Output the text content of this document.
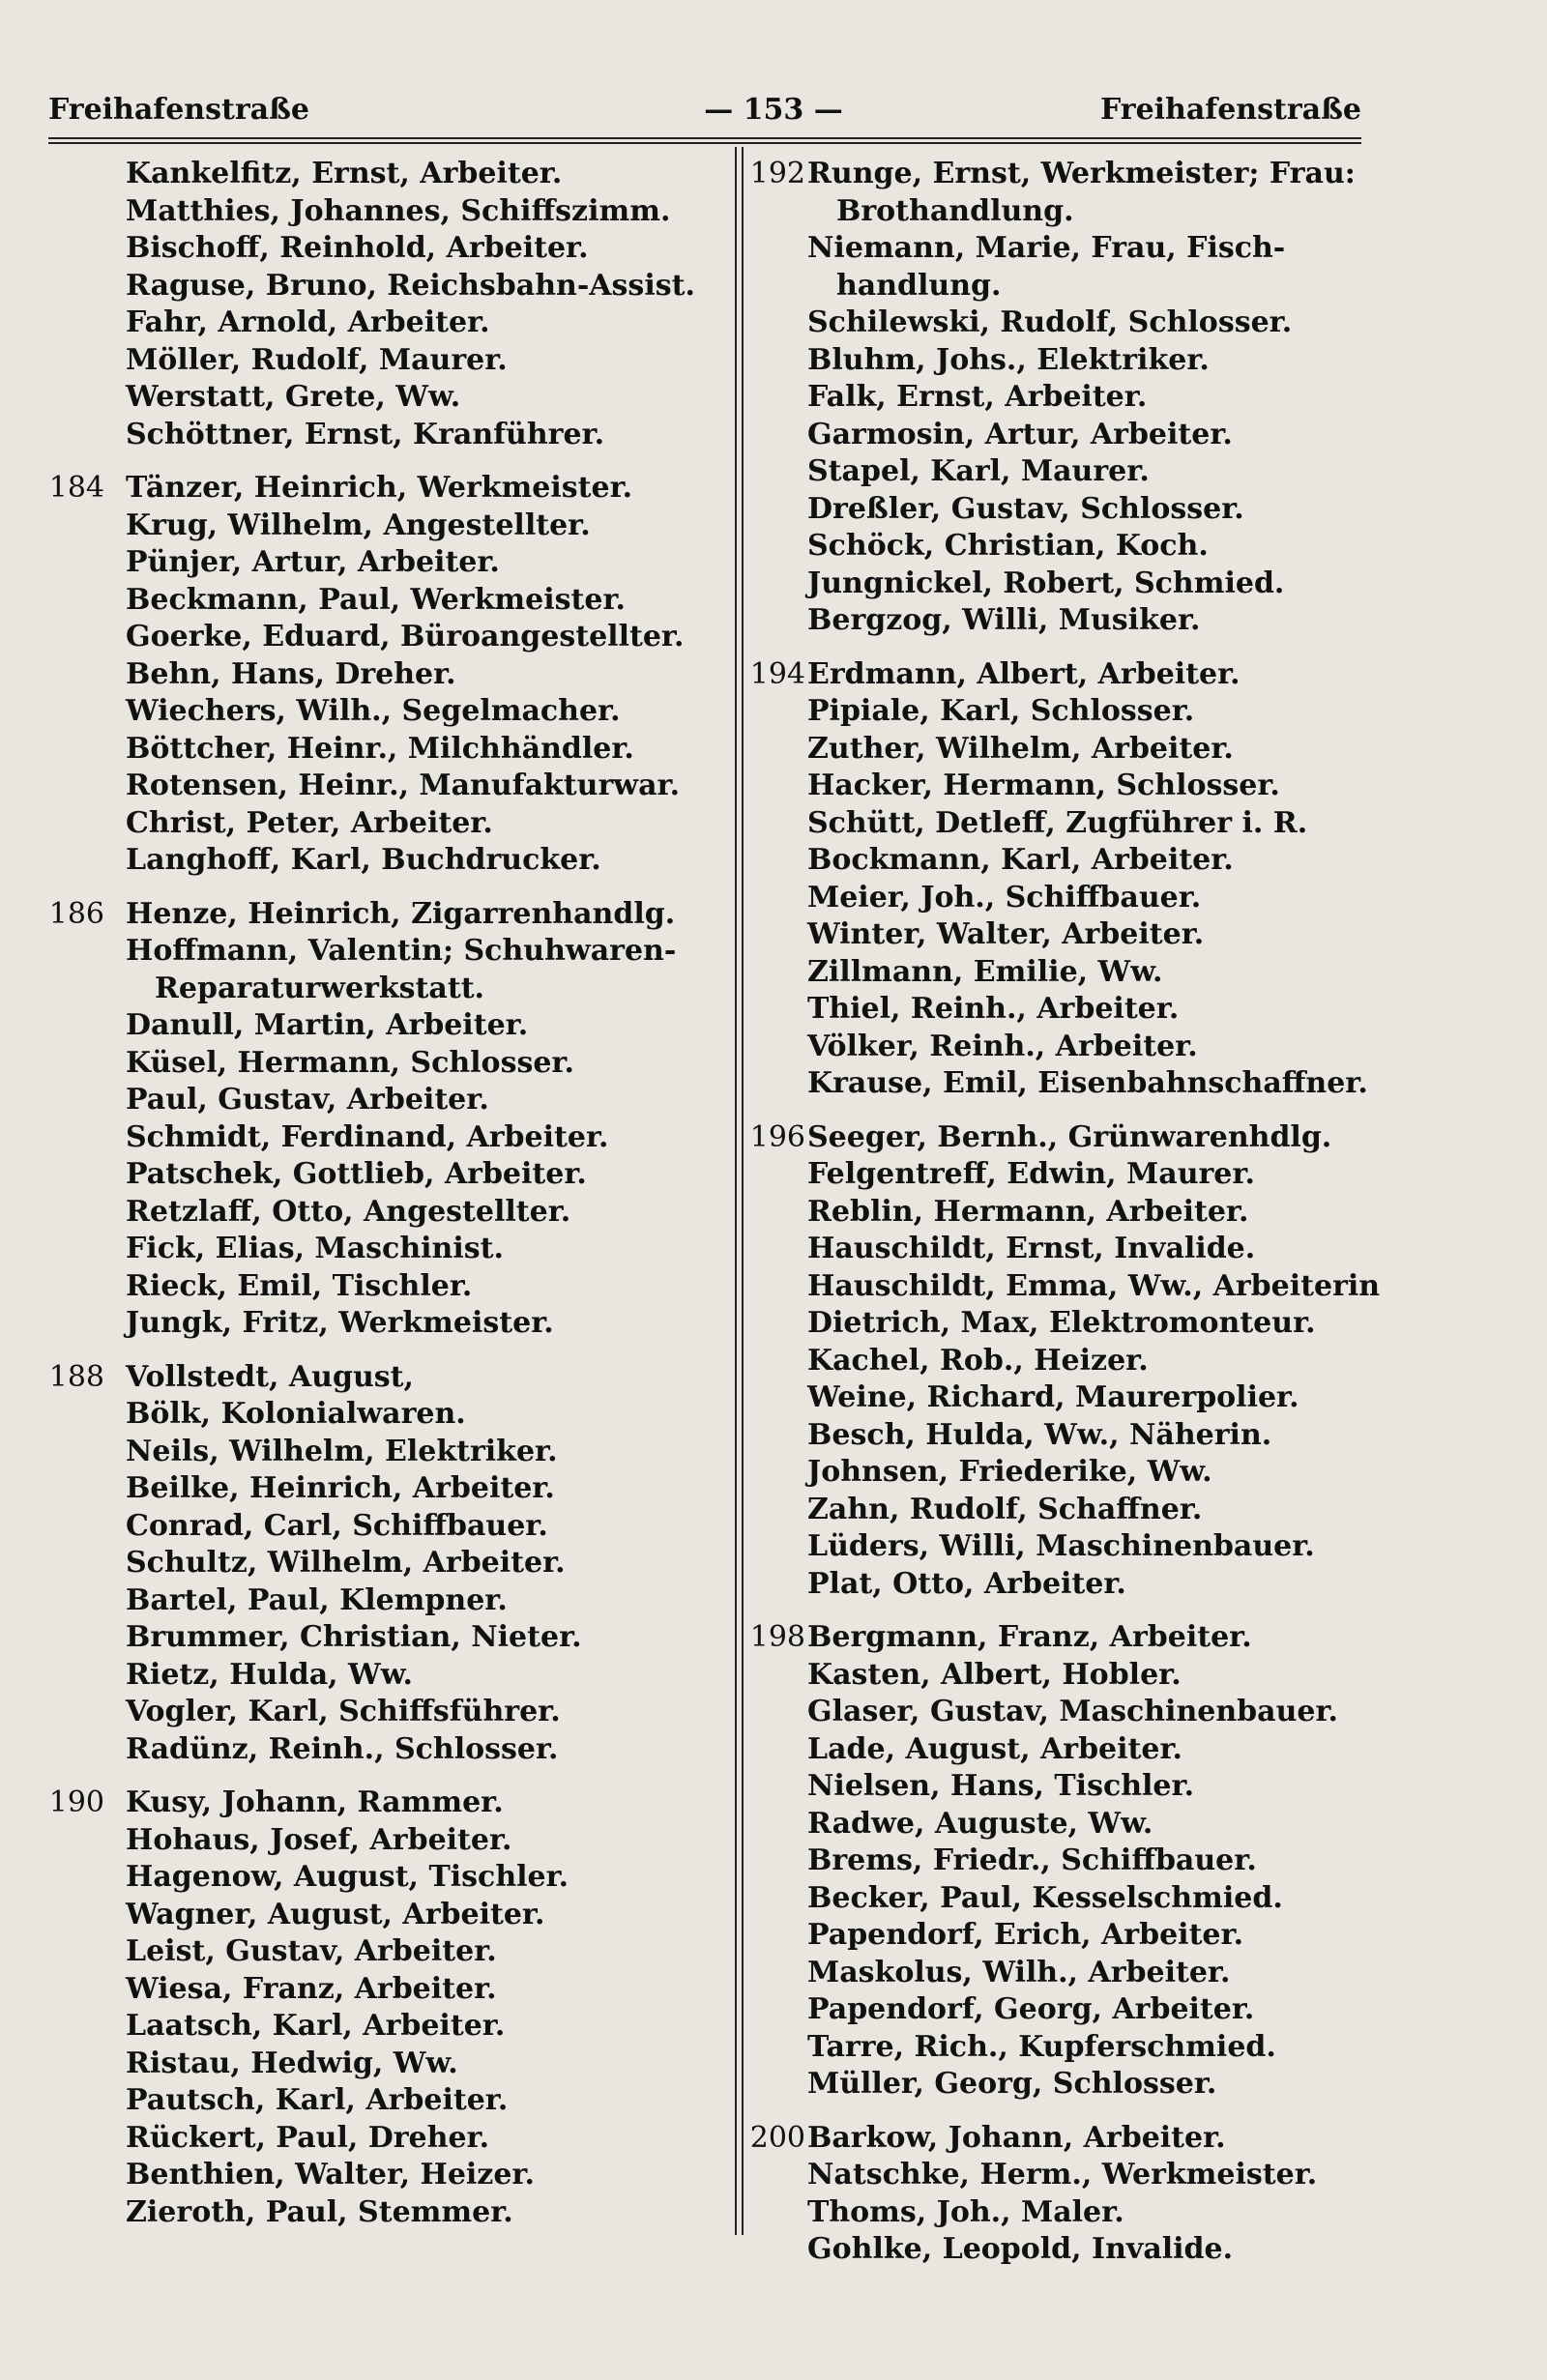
Freihafenstraße	— 153 —	Freihafenstraße
Kankelfitz, Ernst, Arbeiter.
Matthies, Johannes, Schiffszimm.
Bischoff, Reinhold, Arbeiter.
Raguse, Bruno, Reichsbahn-Assist.
Fahr, Arnold, Arbeiter.
Möller, Rudolf, Maurer.
Werstatt, Grete, Ww.
Schöttner, Ernst, Kranführer.
184 Tänzer, Heinrich, Werkmeister.
Krug, Wilhelm, Angestellter.
Pünjer, Artur, Arbeiter.
Beckmann, Paul, Werkmeister.
Goerke, Eduard, Büroangestellter.
Behn, Hans, Dreher.
Wiechers, Wilh., Segelmacher.
Böttcher, Heinr., Milchhändler.
Rotensen, Heinr., Manufakturwar.
Christ, Peter, Arbeiter.
Langhoff, Karl, Buchdrucker.
186 Henze, Heinrich, Zigarrenhandlg.
Hoffmann, Valentin; Schuhwaren-
Reparaturwerkstatt.
Danull, Martin, Arbeiter.
Küsel, Hermann, Schlosser.
Paul, Gustav, Arbeiter.
Schmidt, Ferdinand, Arbeiter.
Patschek, Gottlieb, Arbeiter.
Retzlaff, Otto, Angestellter.
Fick, Elias, Maschinist.
Rieck, Emil, Tischler.
Jungk, Fritz, Werkmeister.
188 Vollstedt, August,
Bölk, Kolonialwaren.
Neils, Wilhelm, Elektriker.
Beilke, Heinrich, Arbeiter.
Conrad, Carl, Schiffbauer.
Schultz, Wilhelm, Arbeiter.
Bartel, Paul, Klempner.
Brummer, Christian, Nieter.
Rietz, Hulda, Ww.
Vogler, Karl, Schiffsführer.
Radünz, Reinh., Schlosser.
190 Kusy, Johann, Rammer.
Hohaus, Josef, Arbeiter.
Hagenow, August, Tischler.
Wagner, August, Arbeiter.
Leist, Gustav, Arbeiter.
Wiesa, Franz, Arbeiter.
Laatsch, Karl, Arbeiter.
Ristau, Hedwig, Ww.
Pautsch, Karl, Arbeiter.
Rückert, Paul, Dreher.
Benthien, Walter, Heizer.
Zieroth, Paul, Stemmer.
192 Runge, Ernst, Werkmeister; Frau:
Brothandlung.
Niemann, Marie, Frau, Fisch-
handlung.
Schilewski, Rudolf, Schlosser.
Bluhm, Johs., Elektriker.
Falk, Ernst, Arbeiter.
Garmosin, Artur, Arbeiter.
Stapel, Karl, Maurer.
Dreßler, Gustav, Schlosser.
Schöck, Christian, Koch.
Jungnickel, Robert, Schmied.
Bergzog, Willi, Musiker.
194 Erdmann, Albert, Arbeiter.
Pipiale, Karl, Schlosser.
Zuther, Wilhelm, Arbeiter.
Hacker, Hermann, Schlosser.
Schütt, Detleff, Zugführer i. R.
Bockmann, Karl, Arbeiter.
Meier, Joh., Schiffbauer.
Winter, Walter, Arbeiter.
Zillmann, Emilie, Ww.
Thiel, Reinh., Arbeiter.
Völker, Reinh., Arbeiter.
Krause, Emil, Eisenbahnschaffner.
196 Seeger, Bernh., Grünwarenhdlg.
Felgentreff, Edwin, Maurer.
Reblin, Hermann, Arbeiter.
Hauschildt, Ernst, Invalide.
Hauschildt, Emma, Ww., Arbeiterin
Dietrich, Max, Elektromonteur.
Kachel, Rob., Heizer.
Weine, Richard, Maurerpolier.
Besch, Hulda, Ww., Näherin.
Johnsen, Friederike, Ww.
Zahn, Rudolf, Schaffner.
Lüders, Willi, Maschinenbauer.
Plat, Otto, Arbeiter.
198 Bergmann, Franz, Arbeiter.
Kasten, Albert, Hobler.
Glaser, Gustav, Maschinenbauer.
Lade, August, Arbeiter.
Nielsen, Hans, Tischler.
Radwe, Auguste, Ww.
Brems, Friedr., Schiffbauer.
Becker, Paul, Kesselschmied.
Papendorf, Erich, Arbeiter.
Maskolus, Wilh., Arbeiter.
Papendorf, Georg, Arbeiter.
Tarre, Rich., Kupferschmied.
Müller, Georg, Schlosser.
200 Barkow, Johann, Arbeiter.
Natschke, Herm., Werkmeister.
Thoms, Joh., Maler.
Gohlke, Leopold, Invalide.
